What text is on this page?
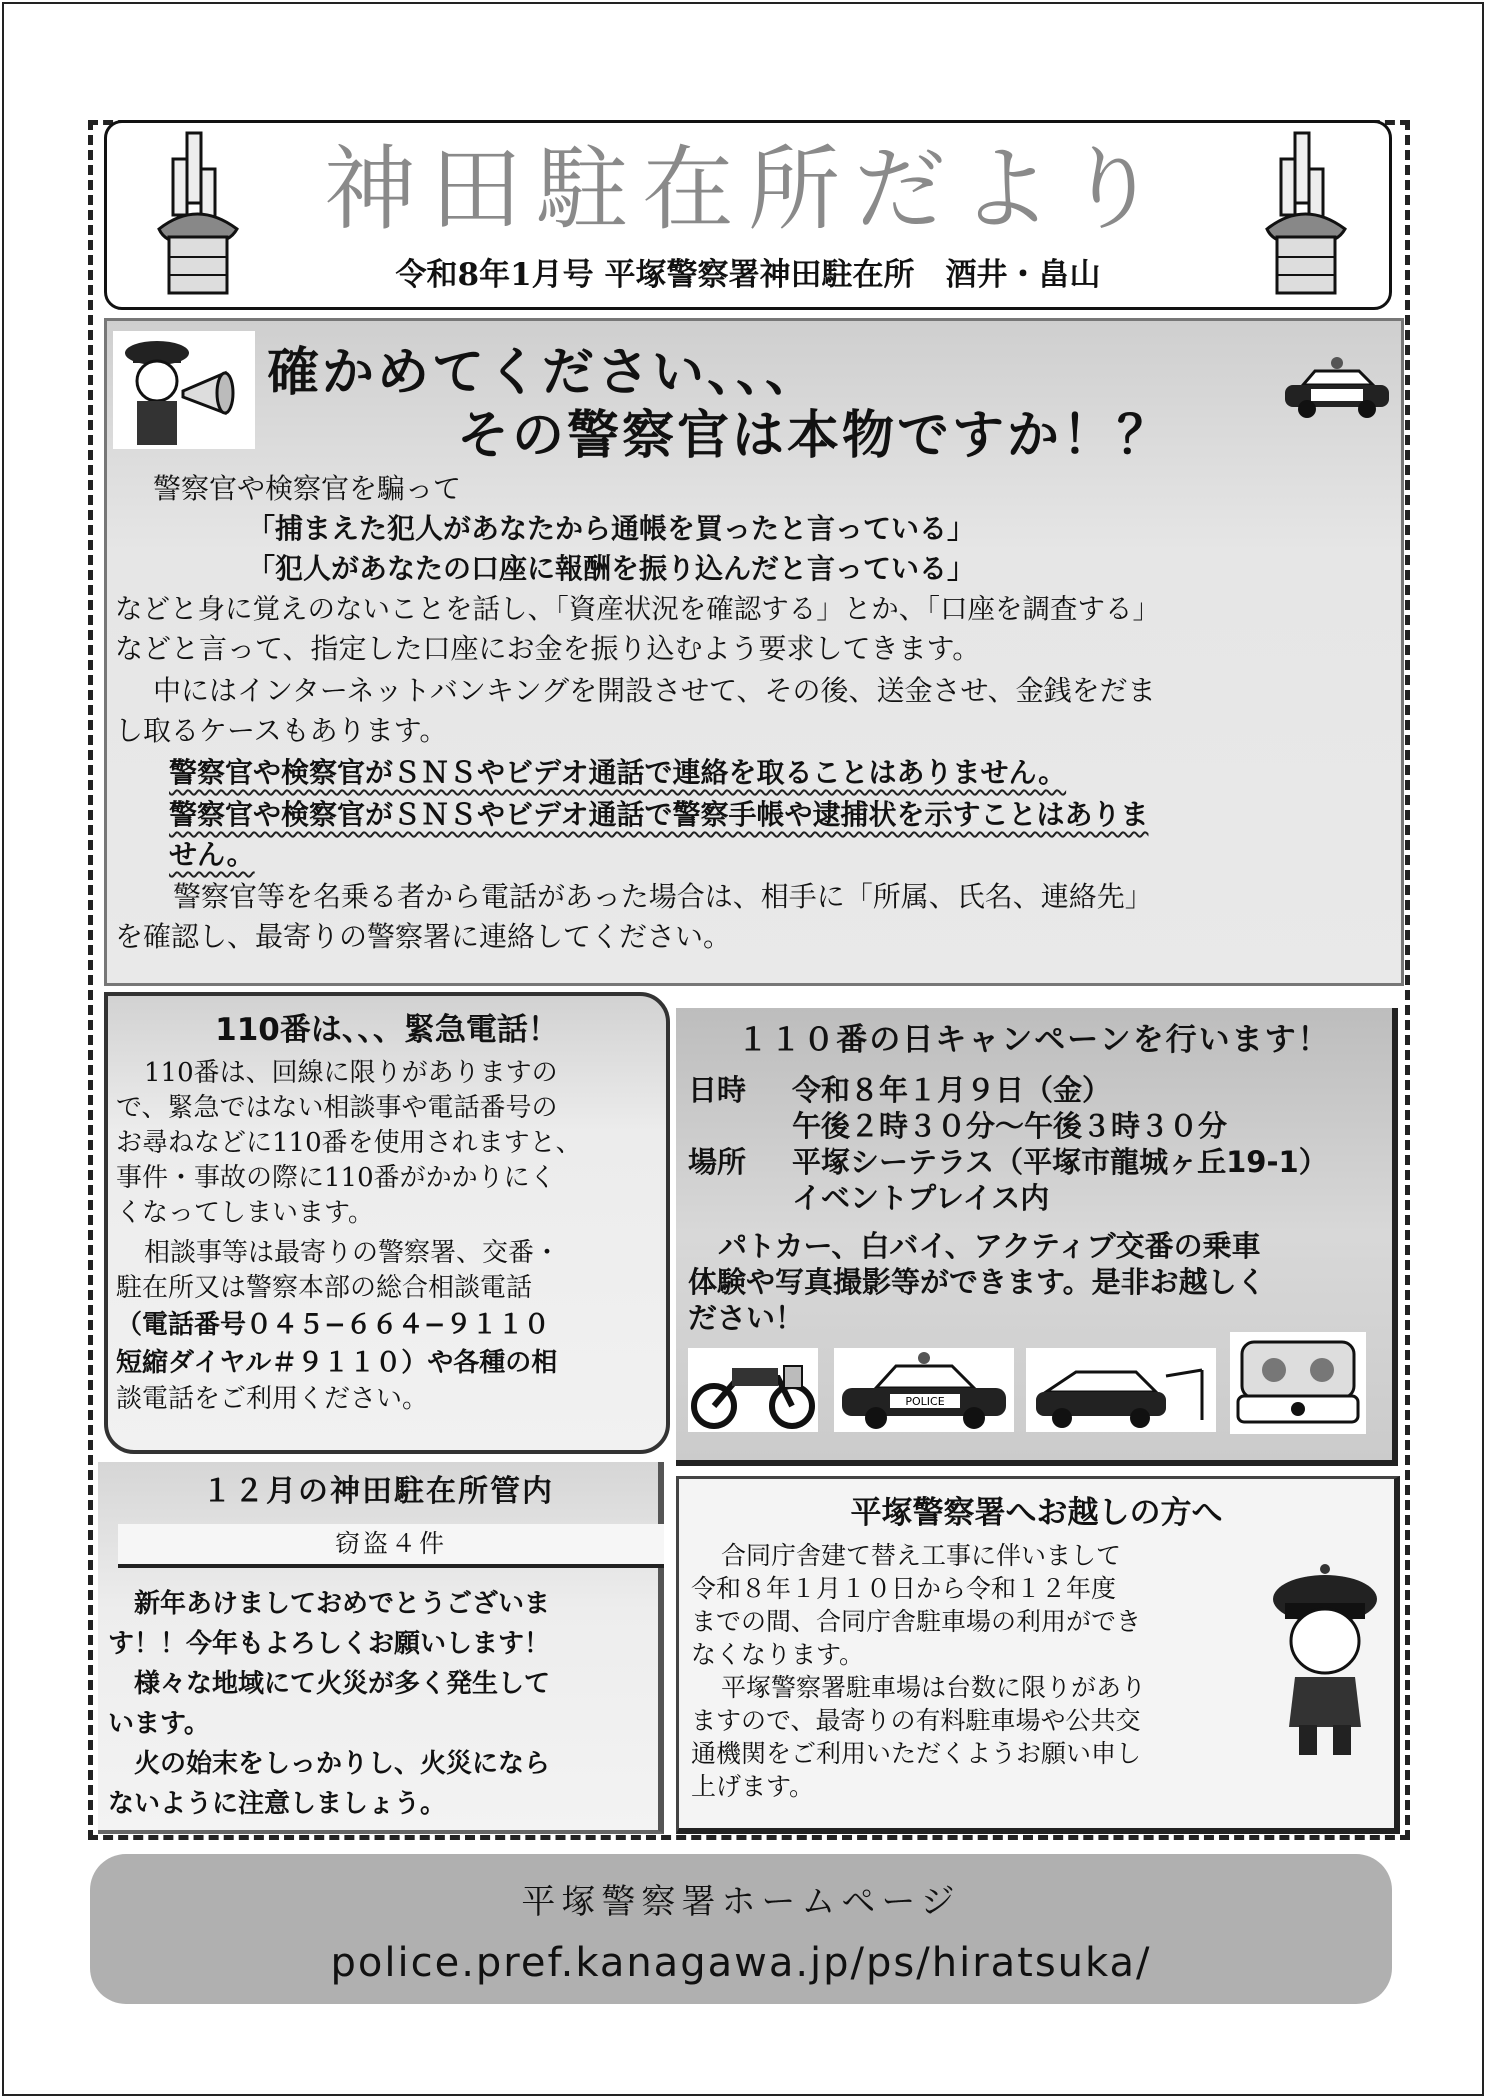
神田駐在所だより
令和8年1月号 平塚警察署神田駐在所　酒井・畠山
確かめてください、、、
その警察官は本物ですか！？
警察官や検察官を騙って
「捕まえた犯人があなたから通帳を買ったと言っている」
「犯人があなたの口座に報酬を振り込んだと言っている」
などと身に覚えのないことを話し、「資産状況を確認する」とか、「口座を調査する」
などと言って、指定した口座にお金を振り込むよう要求してきます。
中にはインターネットバンキングを開設させて、その後、送金させ、金銭をだま
し取るケースもあります。
警察官や検察官がＳＮＳやビデオ通話で連絡を取ることはありません。
警察官や検察官がＳＮＳやビデオ通話で警察手帳や逮捕状を示すことはありま
せん。
警察官等を名乗る者から電話があった場合は、相手に「所属、氏名、連絡先」
を確認し、最寄りの警察署に連絡してください。
110番は、、、緊急電話！
110番は、回線に限りがありますの
で、緊急ではない相談事や電話番号の
お尋ねなどに110番を使用されますと、
事件・事故の際に110番がかかりにく
くなってしまいます。
相談事等は最寄りの警察署、交番・
駐在所又は警察本部の総合相談電話
（電話番号０４５−６６４−９１１０
短縮ダイヤル＃９１１０）や各種の相
談電話をご利用ください。
１１０番の日キャンペーンを行います！
日時 令和８年１月９日（金）
午後２時３０分〜午後３時３０分
場所 平塚シーテラス（平塚市龍城ヶ丘19-1）
イベントプレイス内
パトカー、白バイ、アクティブ交番の乗車
体験や写真撮影等ができます。是非お越しく
ださい！
POLICE
１２月の神田駐在所管内
窃盗４件
新年あけましておめでとうございま
す！！今年もよろしくお願いします！
様々な地域にて火災が多く発生して
います。
火の始末をしっかりし、火災になら
ないように注意しましょう。
平塚警察署へお越しの方へ
合同庁舎建て替え工事に伴いまして
令和８年１月１０日から令和１２年度
までの間、合同庁舎駐車場の利用ができ
なくなります。
平塚警察署駐車場は台数に限りがあり
ますので、最寄りの有料駐車場や公共交
通機関をご利用いただくようお願い申し
上げます。
平塚警察署ホームページ
police.pref.kanagawa.jp/ps/hiratsuka/
